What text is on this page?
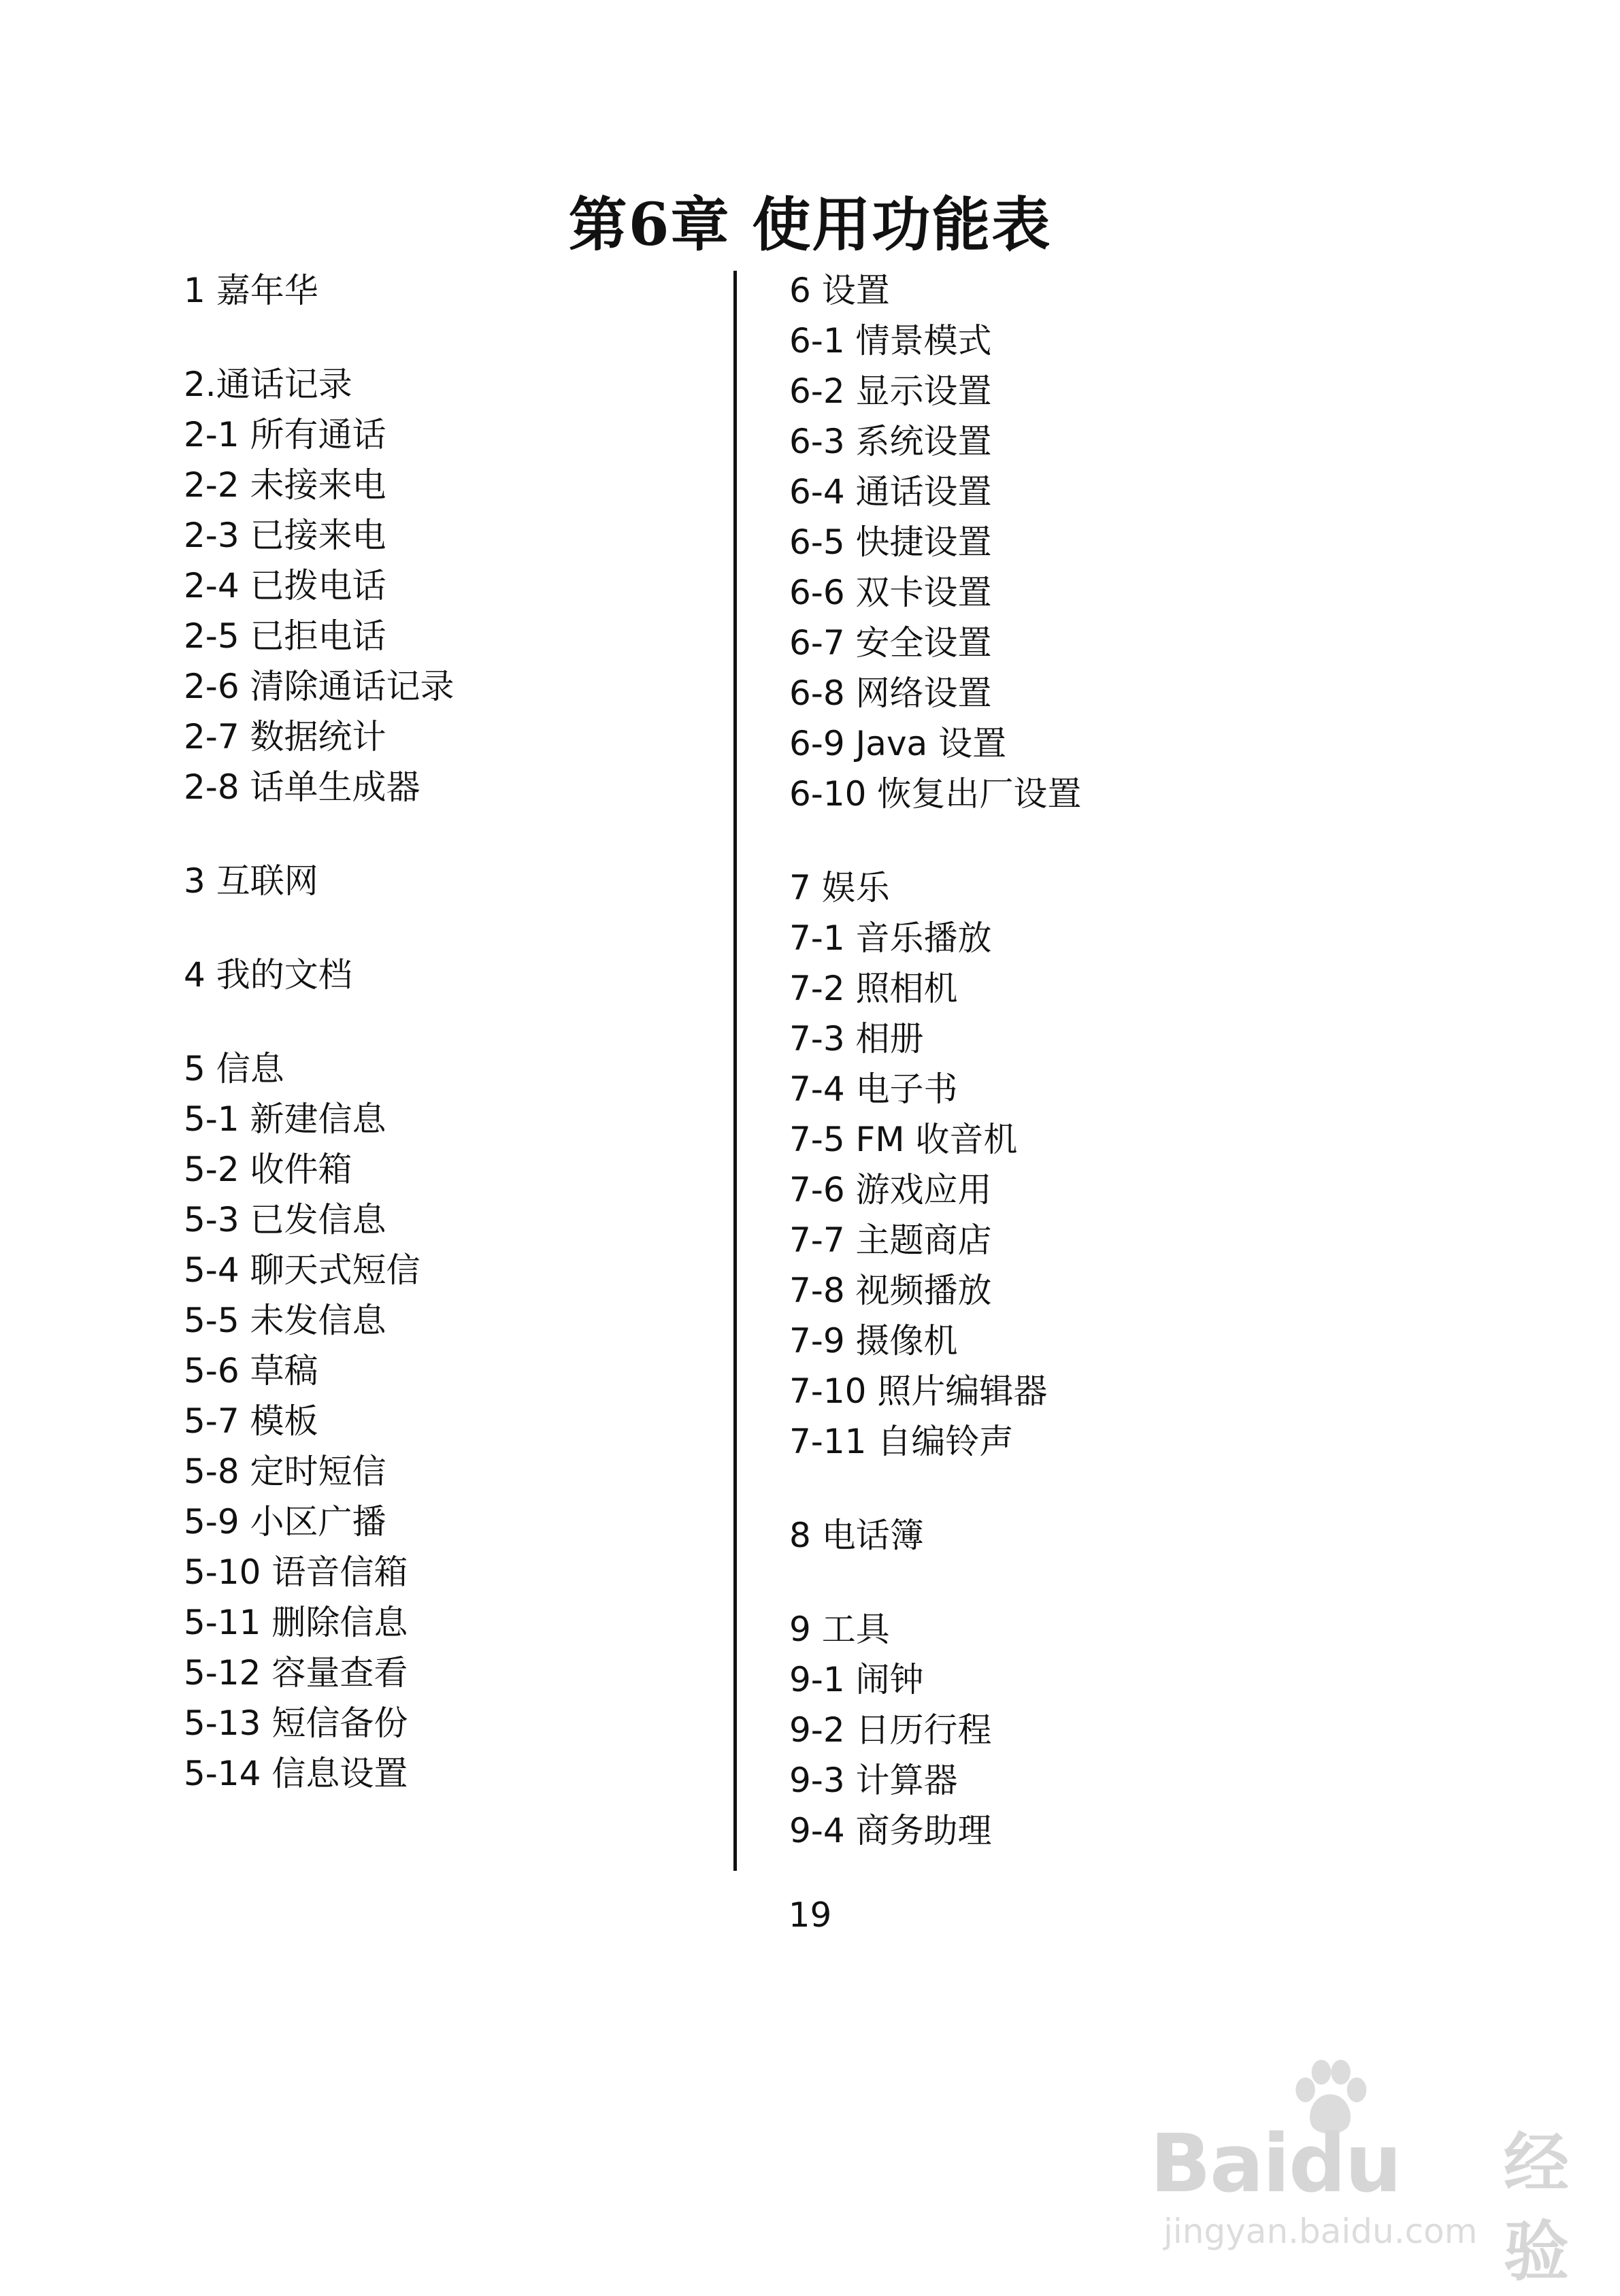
第6章 使用功能表
1 嘉年华
2.通话记录
2-1 所有通话
2-2 未接来电
2-3 已接来电
2-4 已拨电话
2-5 已拒电话
2-6 清除通话记录
2-7 数据统计
2-8 话单生成器
3 互联网
4 我的文档
5 信息
5-1 新建信息
5-2 收件箱
5-3 已发信息
5-4 聊天式短信
5-5 未发信息
5-6 草稿
5-7 模板
5-8 定时短信
5-9 小区广播
5-10 语音信箱
5-11 删除信息
5-12 容量查看
5-13 短信备份
5-14 信息设置
6 设置
6-1 情景模式
6-2 显示设置
6-3 系统设置
6-4 通话设置
6-5 快捷设置
6-6 双卡设置
6-7 安全设置
6-8 网络设置
6-9 Java 设置
6-10 恢复出厂设置
7 娱乐
7-1 音乐播放
7-2 照相机
7-3 相册
7-4 电子书
7-5 FM 收音机
7-6 游戏应用
7-7 主题商店
7-8 视频播放
7-9 摄像机
7-10 照片编辑器
7-11 自编铃声
8 电话簿
9 工具
9-1 闹钟
9-2 日历行程
9-3 计算器
9-4 商务助理
19
Baidu 经验
jingyan.baidu.com
